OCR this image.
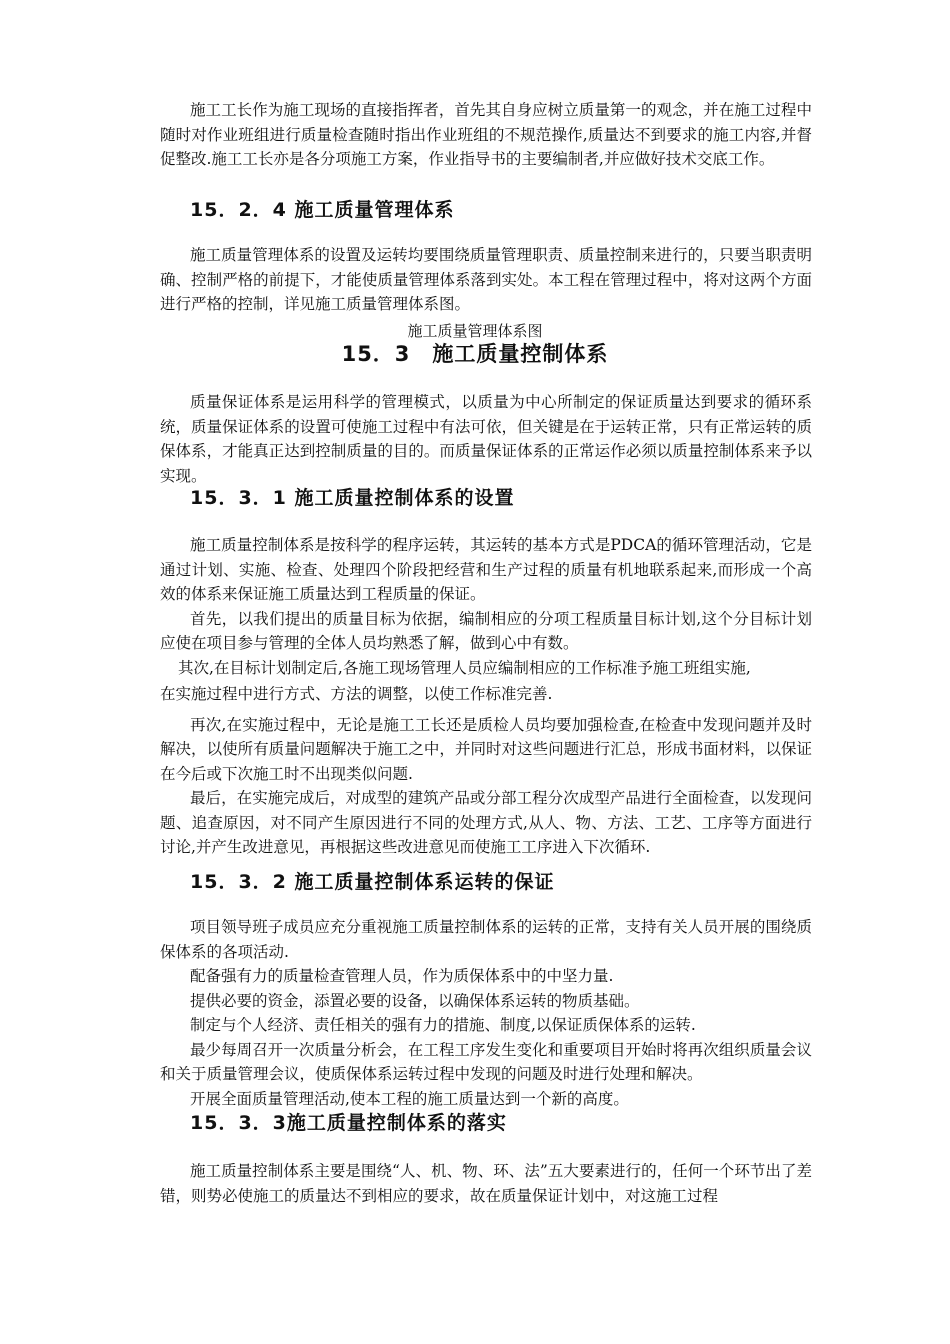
施工工长作为施工现场的直接指挥者，首先其自身应树立质量第一的观念，并在施工过程中随时对作业班组进行质量检查随时指出作业班组的不规范操作,质量达不到要求的施工内容,并督促整改.施工工长亦是各分项施工方案，作业指导书的主要编制者,并应做好技术交底工作。

15．2．4 施工质量管理体系

施工质量管理体系的设置及运转均要围绕质量管理职责、质量控制来进行的，只要当职责明确、控制严格的前提下，才能使质量管理体系落到实处。本工程在管理过程中，将对这两个方面进行严格的控制，详见施工质量管理体系图。

施工质量管理体系图
15．3　施工质量控制体系

质量保证体系是运用科学的管理模式，以质量为中心所制定的保证质量达到要求的循环系统，质量保证体系的设置可使施工过程中有法可依，但关键是在于运转正常，只有正常运转的质保体系，才能真正达到控制质量的目的。而质量保证体系的正常运作必须以质量控制体系来予以实现。

15．3．1 施工质量控制体系的设置

施工质量控制体系是按科学的程序运转，其运转的基本方式是PDCA的循环管理活动，它是通过计划、实施、检查、处理四个阶段把经营和生产过程的质量有机地联系起来,而形成一个高效的体系来保证施工质量达到工程质量的保证。

首先，以我们提出的质量目标为依据，编制相应的分项工程质量目标计划,这个分目标计划应使在项目参与管理的全体人员均熟悉了解，做到心中有数。

其次,在目标计划制定后,各施工现场管理人员应编制相应的工作标准予施工班组实施,

在实施过程中进行方式、方法的调整，以使工作标准完善.

再次,在实施过程中，无论是施工工长还是质检人员均要加强检查,在检查中发现问题并及时解决，以使所有质量问题解决于施工之中，并同时对这些问题进行汇总，形成书面材料，以保证在今后或下次施工时不出现类似问题.

最后，在实施完成后，对成型的建筑产品或分部工程分次成型产品进行全面检查，以发现问题、追查原因，对不同产生原因进行不同的处理方式,从人、物、方法、工艺、工序等方面进行讨论,并产生改进意见，再根据这些改进意见而使施工工序进入下次循环.

15．3．2 施工质量控制体系运转的保证

项目领导班子成员应充分重视施工质量控制体系的运转的正常，支持有关人员开展的围绕质保体系的各项活动.

配备强有力的质量检查管理人员，作为质保体系中的中坚力量.

提供必要的资金，添置必要的设备，以确保体系运转的物质基础。

制定与个人经济、责任相关的强有力的措施、制度,以保证质保体系的运转.

最少每周召开一次质量分析会，在工程工序发生变化和重要项目开始时将再次组织质量会议和关于质量管理会议，使质保体系运转过程中发现的问题及时进行处理和解决。

开展全面质量管理活动,使本工程的施工质量达到一个新的高度。

15．3．3施工质量控制体系的落实

施工质量控制体系主要是围绕“人、机、物、环、法”五大要素进行的，任何一个环节出了差错，则势必使施工的质量达不到相应的要求，故在质量保证计划中，对这施工过程
